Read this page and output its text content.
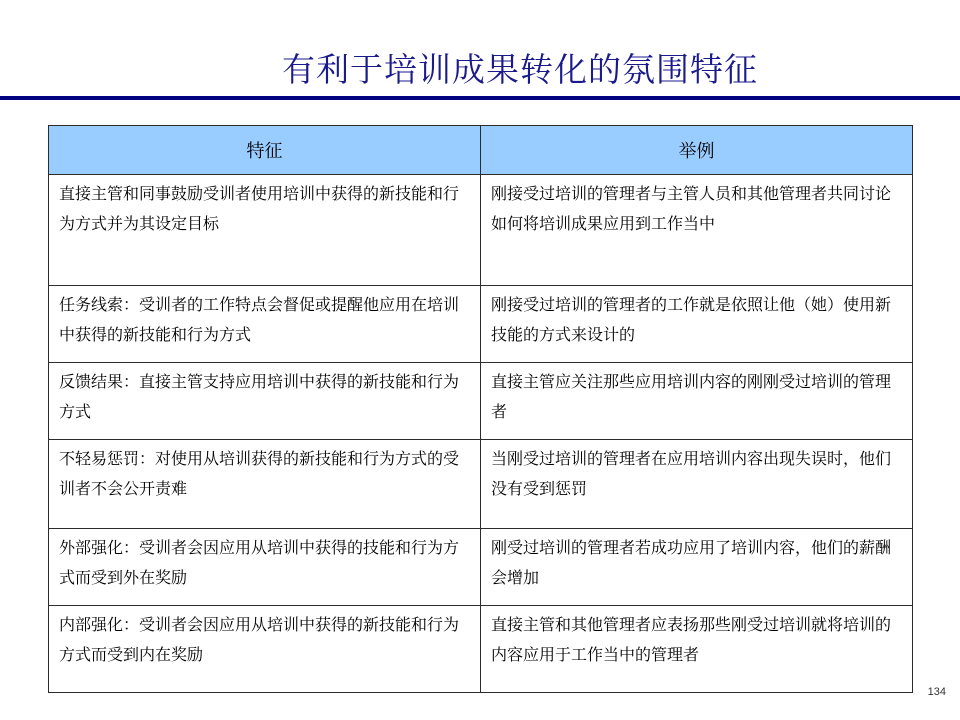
有利于培训成果转化的氛围特征
特征	举例
直接主管和同事鼓励受训者使用培训中获得的新技能和行为方式并为其设定目标	刚接受过培训的管理者与主管人员和其他管理者共同讨论如何将培训成果应用到工作当中
任务线索：受训者的工作特点会督促或提醒他应用在培训中获得的新技能和行为方式	刚接受过培训的管理者的工作就是依照让他（她）使用新技能的方式来设计的
反馈结果：直接主管支持应用培训中获得的新技能和行为方式	直接主管应关注那些应用培训内容的刚刚受过培训的管理者
不轻易惩罚：对使用从培训获得的新技能和行为方式的受训者不会公开责难	当刚受过培训的管理者在应用培训内容出现失误时，他们没有受到惩罚
外部强化：受训者会因应用从培训中获得的技能和行为方式而受到外在奖励	刚受过培训的管理者若成功应用了培训内容，他们的薪酬会增加
内部强化：受训者会因应用从培训中获得的新技能和行为方式而受到内在奖励	直接主管和其他管理者应表扬那些刚受过培训就将培训的内容应用于工作当中的管理者
134
